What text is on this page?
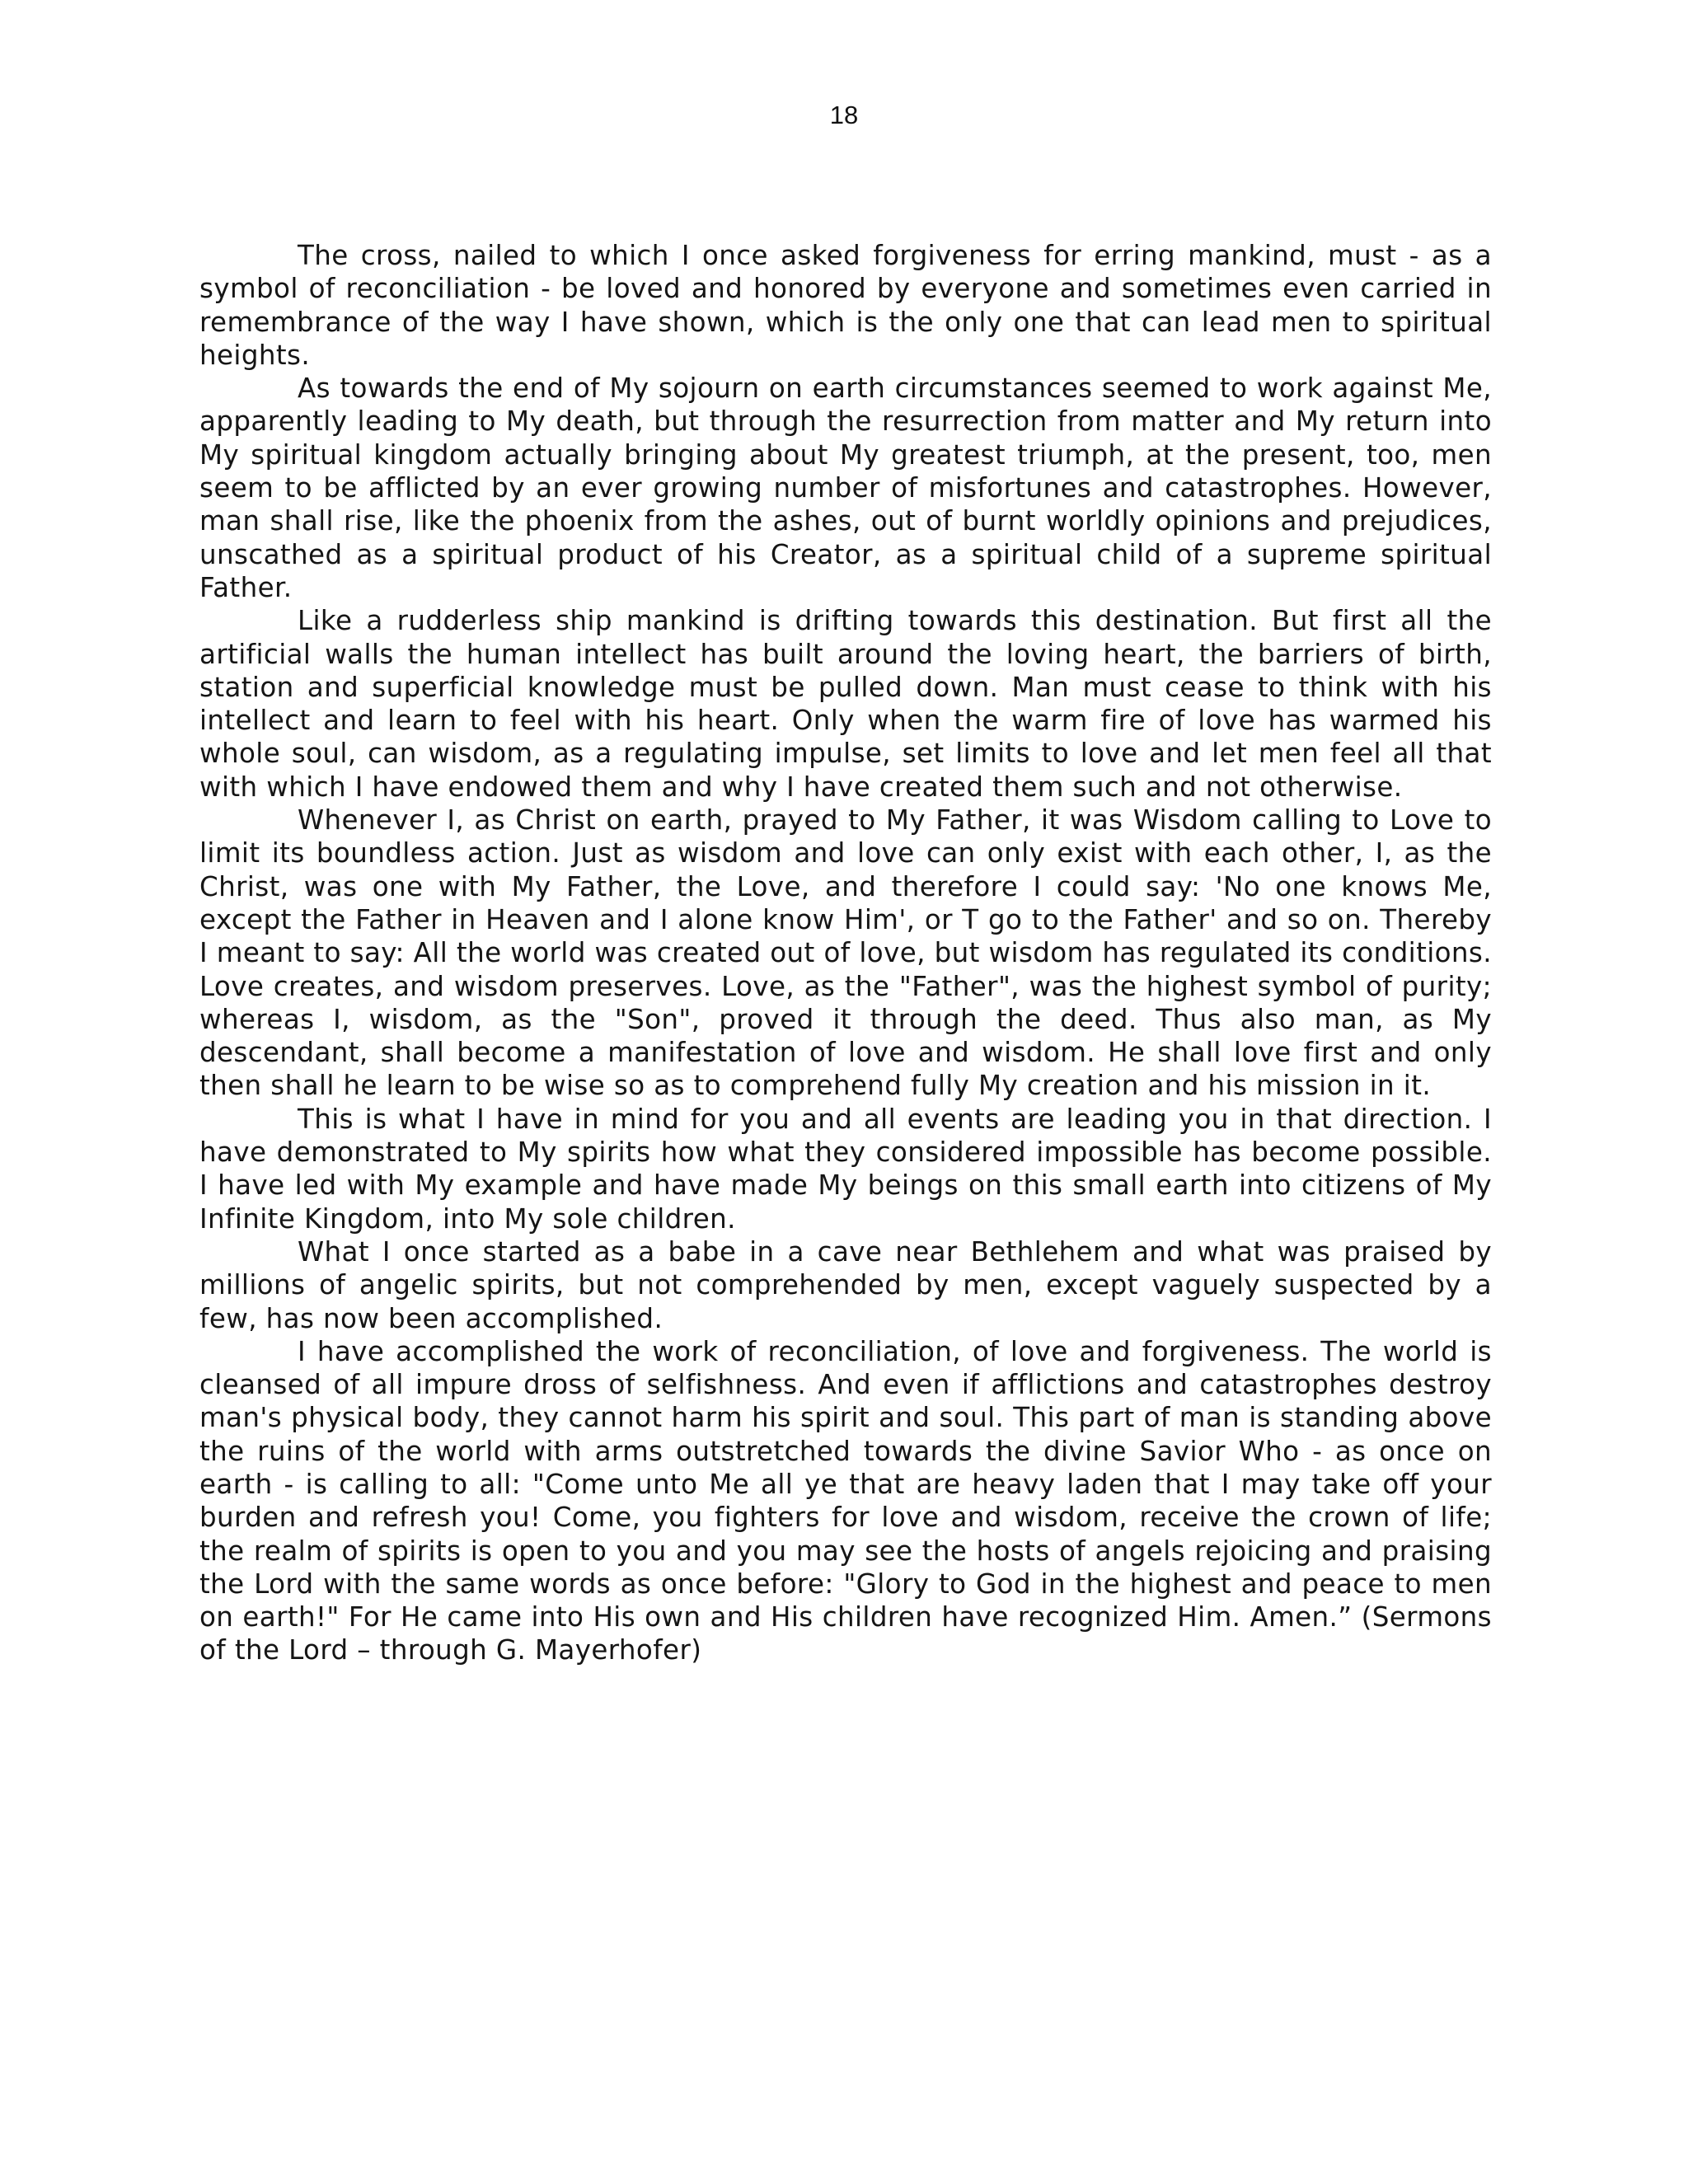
18

The cross, nailed to which I once asked forgiveness for erring mankind, must - as a symbol of reconciliation - be loved and honored by everyone and sometimes even carried in remembrance of the way I have shown, which is the only one that can lead men to spiritual heights.

As towards the end of My sojourn on earth circumstances seemed to work against Me, apparently leading to My death, but through the resurrection from matter and My return into My spiritual kingdom actually bringing about My greatest triumph, at the present, too, men seem to be afflicted by an ever growing number of misfortunes and catastrophes. However, man shall rise, like the phoenix from the ashes, out of burnt worldly opinions and prejudices, unscathed as a spiritual product of his Creator, as a spiritual child of a supreme spiritual Father.

Like a rudderless ship mankind is drifting towards this destination. But first all the artificial walls the human intellect has built around the loving heart, the barriers of birth, station and superficial knowledge must be pulled down. Man must cease to think with his intellect and learn to feel with his heart. Only when the warm fire of love has warmed his whole soul, can wisdom, as a regulating impulse, set limits to love and let men feel all that with which I have endowed them and why I have created them such and not otherwise.

Whenever I, as Christ on earth, prayed to My Father, it was Wisdom calling to Love to limit its boundless action. Just as wisdom and love can only exist with each other, I, as the Christ, was one with My Father, the Love, and therefore I could say: 'No one knows Me, except the Father in Heaven and I alone know Him', or T go to the Father' and so on. Thereby I meant to say: All the world was created out of love, but wisdom has regulated its conditions. Love creates, and wisdom preserves. Love, as the "Father", was the highest symbol of purity; whereas I, wisdom, as the "Son", proved it through the deed. Thus also man, as My descendant, shall become a manifestation of love and wisdom. He shall love first and only then shall he learn to be wise so as to comprehend fully My creation and his mission in it.

This is what I have in mind for you and all events are leading you in that direction. I have demonstrated to My spirits how what they considered impossible has become possible. I have led with My example and have made My beings on this small earth into citizens of My Infinite Kingdom, into My sole children.

What I once started as a babe in a cave near Bethlehem and what was praised by millions of angelic spirits, but not comprehended by men, except vaguely suspected by a few, has now been accomplished.

I have accomplished the work of reconciliation, of love and forgiveness. The world is cleansed of all impure dross of selfishness. And even if afflictions and catastrophes destroy man's physical body, they cannot harm his spirit and soul. This part of man is standing above the ruins of the world with arms outstretched towards the divine Savior Who - as once on earth - is calling to all: "Come unto Me all ye that are heavy laden that I may take off your burden and refresh you! Come, you fighters for love and wisdom, receive the crown of life; the realm of spirits is open to you and you may see the hosts of angels rejoicing and praising the Lord with the same words as once before: "Glory to God in the highest and peace to men on earth!" For He came into His own and His children have recognized Him. Amen.” (Sermons of the Lord – through G. Mayerhofer)
